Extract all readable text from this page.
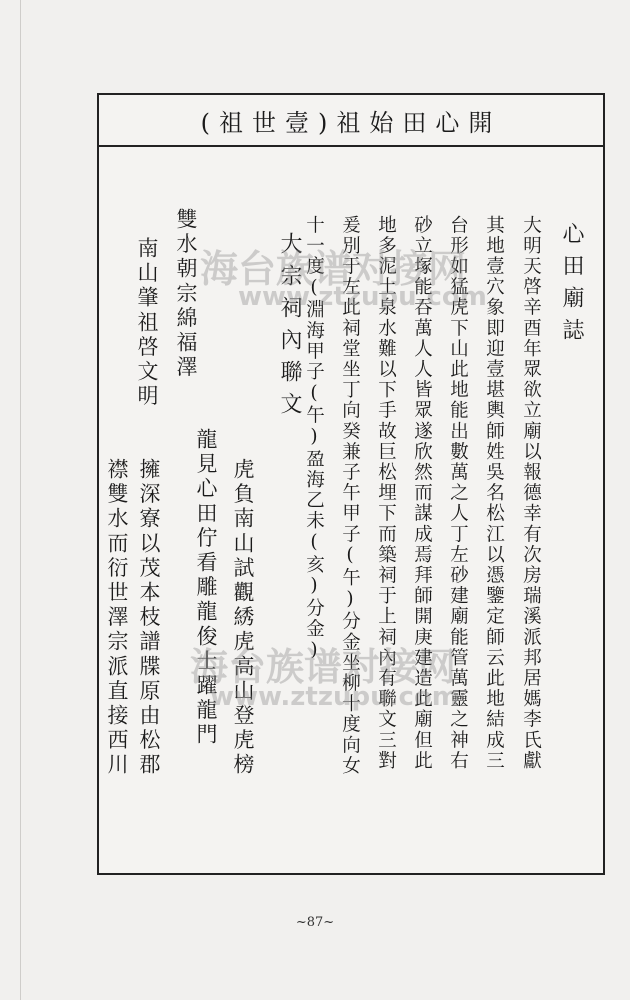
開心田始祖(壹世祖)
心田廟誌
大明天啓辛酉年眾欲立廟以報德幸有次房瑞溪派邦居媽李氏獻
其地壹穴象即迎壹堪輿師姓吳名松江以憑鑒定師云此地結成三
台形如猛虎下山此地能出數萬之人丁左砂建廟能管萬靈之神右
砂立塚能吞萬人人皆眾遂欣然而謀成焉拜師開庚建造此廟但此
地多泥土泉水難以下手故巨松埋下而築祠于上祠內有聯文三對
爰別于左此祠堂坐丁向癸兼子午甲子(午)分金坐柳十度向女
十一度(淵海甲子(午)盈海乙未(亥)分金)
大宗祠內聯文
虎負南山試觀綉虎高山登虎榜
龍見心田佇看雕龍俊士躍龍門
雙水朝宗綿福澤
擁深寮以茂本枝譜牒原由松郡
南山肇祖啓文明
襟雙水而衍世澤宗派直接西川
海台族谱对接网
www.ztzupu.com
海台族谱对接网
www.ztzupu.com
~87~
